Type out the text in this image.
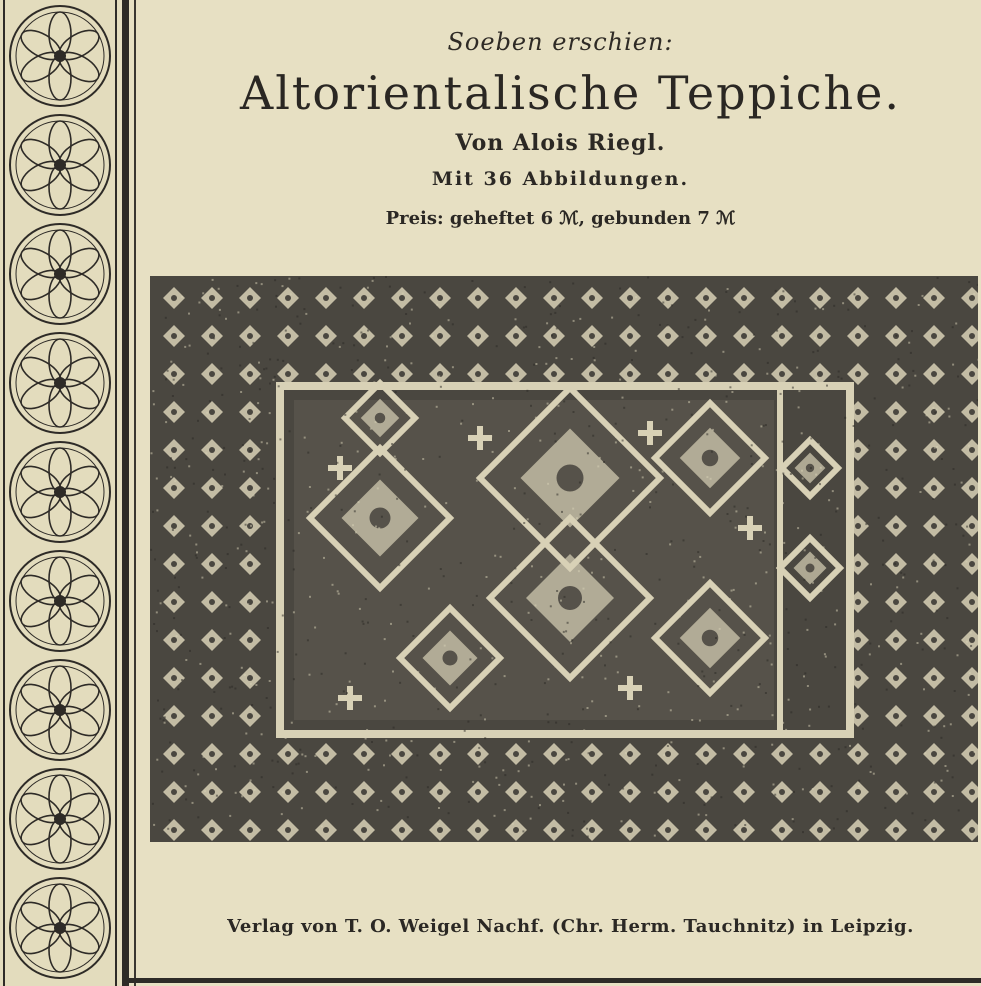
Soeben erschien:
Altorientalische Teppiche.
Von Alois Riegl.
Mit 36 Abbildungen.
Preis: geheftet 6 ℳ, gebunden 7 ℳ
Verlag von T. O. Weigel Nachf. (Chr. Herm. Tauchnitz) in Leipzig.
